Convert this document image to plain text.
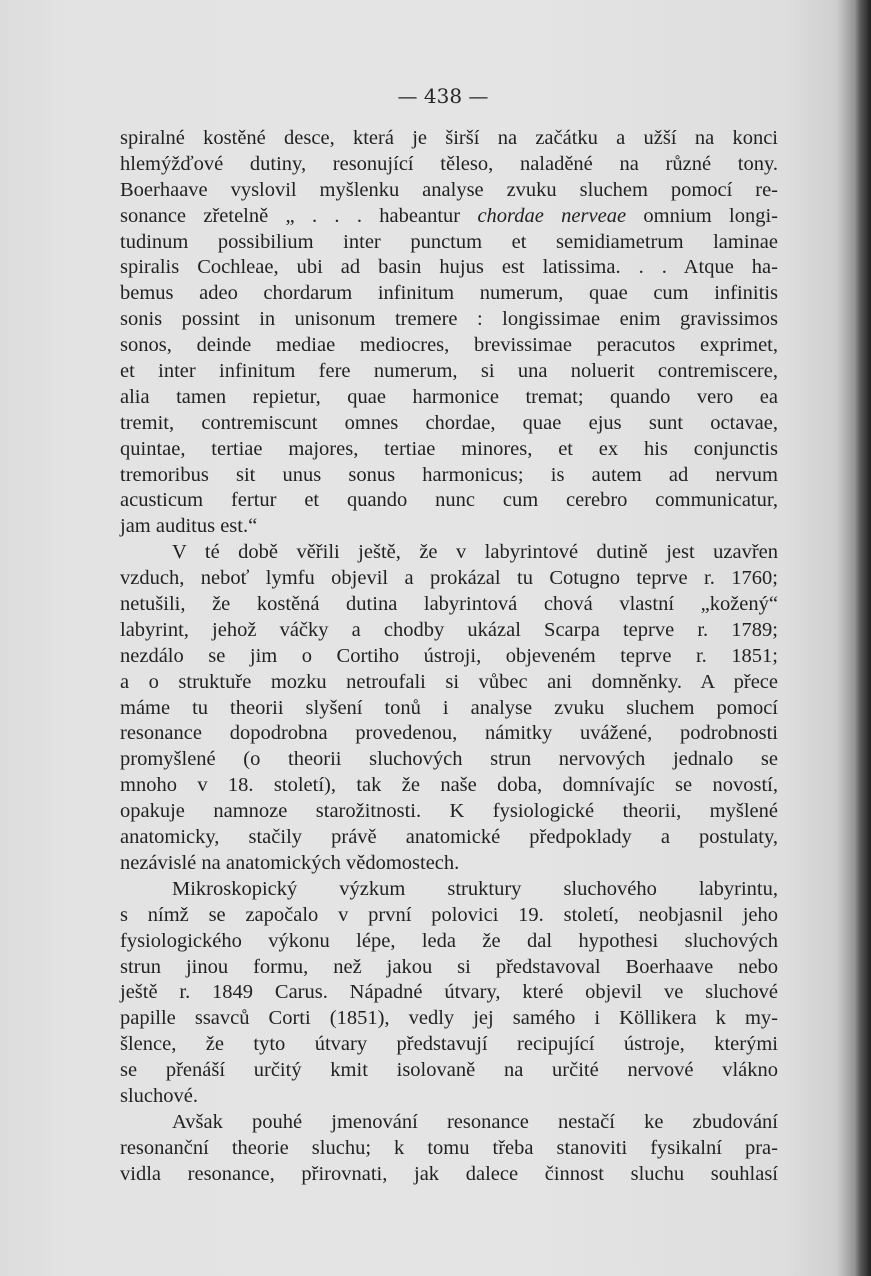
— 438 —
spiralné kostěné desce, která je širší na začátku a užší na konci
hlemýžďové dutiny, resonující těleso, naladěné na různé tony.
Boerhaave vyslovil myšlenku analyse zvuku sluchem pomocí re-
sonance zřetelně „ . . . habeantur chordae nerveae omnium longi-
tudinum possibilium inter punctum et semidiametrum laminae
spiralis Cochleae, ubi ad basin hujus est latissima. . . Atque ha-
bemus adeo chordarum infinitum numerum, quae cum infinitis
sonis possint in unisonum tremere : longissimae enim gravissimos
sonos, deinde mediae mediocres, brevissimae peracutos exprimet,
et inter infinitum fere numerum, si una noluerit contremiscere,
alia tamen repietur, quae harmonice tremat; quando vero ea
tremit, contremiscunt omnes chordae, quae ejus sunt octavae,
quintae, tertiae majores, tertiae minores, et ex his conjunctis
tremoribus sit unus sonus harmonicus; is autem ad nervum
acusticum fertur et quando nunc cum cerebro communicatur,
jam auditus est.“
V té době věřili ještě, že v labyrintové dutině jest uzavřen
vzduch, neboť lymfu objevil a prokázal tu Cotugno teprve r. 1760;
netušili, že kostěná dutina labyrintová chová vlastní „kožený“
labyrint, jehož váčky a chodby ukázal Scarpa teprve r. 1789;
nezdálo se jim o Cortiho ústroji, objeveném teprve r. 1851;
a o struktuře mozku netroufali si vůbec ani domněnky. A přece
máme tu theorii slyšení tonů i analyse zvuku sluchem pomocí
resonance dopodrobna provedenou, námitky uvážené, podrobnosti
promyšlené (o theorii sluchových strun nervových jednalo se
mnoho v 18. století), tak že naše doba, domnívajíc se novostí,
opakuje namnoze starožitnosti. K fysiologické theorii, myšlené
anatomicky, stačily právě anatomické předpoklady a postulaty,
nezávislé na anatomických vědomostech.
Mikroskopický výzkum struktury sluchového labyrintu,
s nímž se započalo v první polovici 19. století, neobjasnil jeho
fysiologického výkonu lépe, leda že dal hypothesi sluchových
strun jinou formu, než jakou si představoval Boerhaave nebo
ještě r. 1849 Carus. Nápadné útvary, které objevil ve sluchové
papille ssavců Corti (1851), vedly jej samého i Köllikera k my-
šlence, že tyto útvary představují recipující ústroje, kterými
se přenáší určitý kmit isolovaně na určité nervové vlákno
sluchové.
Avšak pouhé jmenování resonance nestačí ke zbudování
resonanční theorie sluchu; k tomu třeba stanoviti fysikalní pra-
vidla resonance, přirovnati, jak dalece činnost sluchu souhlasí
